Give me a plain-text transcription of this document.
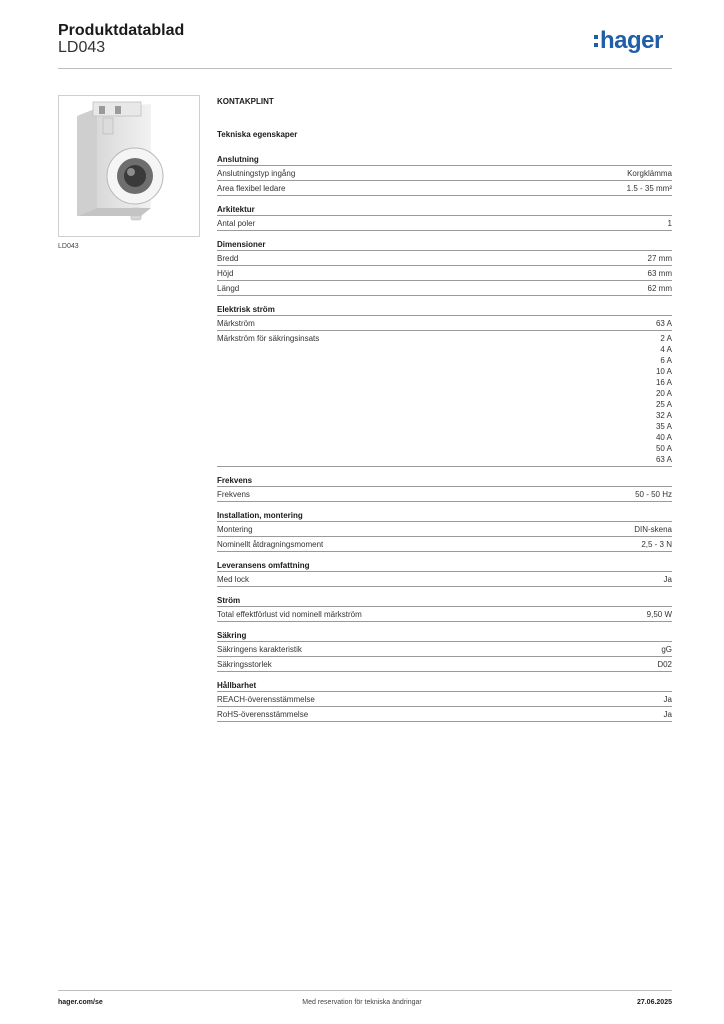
Produktdatablad
LD043	hager
LD043
KONTAKPLINT
Tekniska egenskaper
Anslutning
Anslutningstyp ingång	Korgklämma
Area flexibel ledare	1.5 - 35 mm²
Arkitektur
Antal poler	1
Dimensioner
Bredd	27 mm
Höjd	63 mm
Längd	62 mm
Elektrisk ström
Märkström	63 A
Märkström för säkringsinsats	2 A
4 A
6 A
10 A
16 A
20 A
25 A
32 A
35 A
40 A
50 A
63 A
Frekvens
Frekvens	50 - 50 Hz
Installation, montering
Montering	DIN-skena
Nominellt åtdragningsmoment	2,5 - 3 N
Leveransens omfattning
Med lock	Ja
Ström
Total effektförlust vid nominell märkström	9,50 W
Säkring
Säkringens karakteristik	gG
Säkringsstorlek	D02
Hållbarhet
REACH-överensstämmelse	Ja
RoHS-överensstämmelse	Ja
hager.com/se	Med reservation för tekniska ändringar	27.06.2025
